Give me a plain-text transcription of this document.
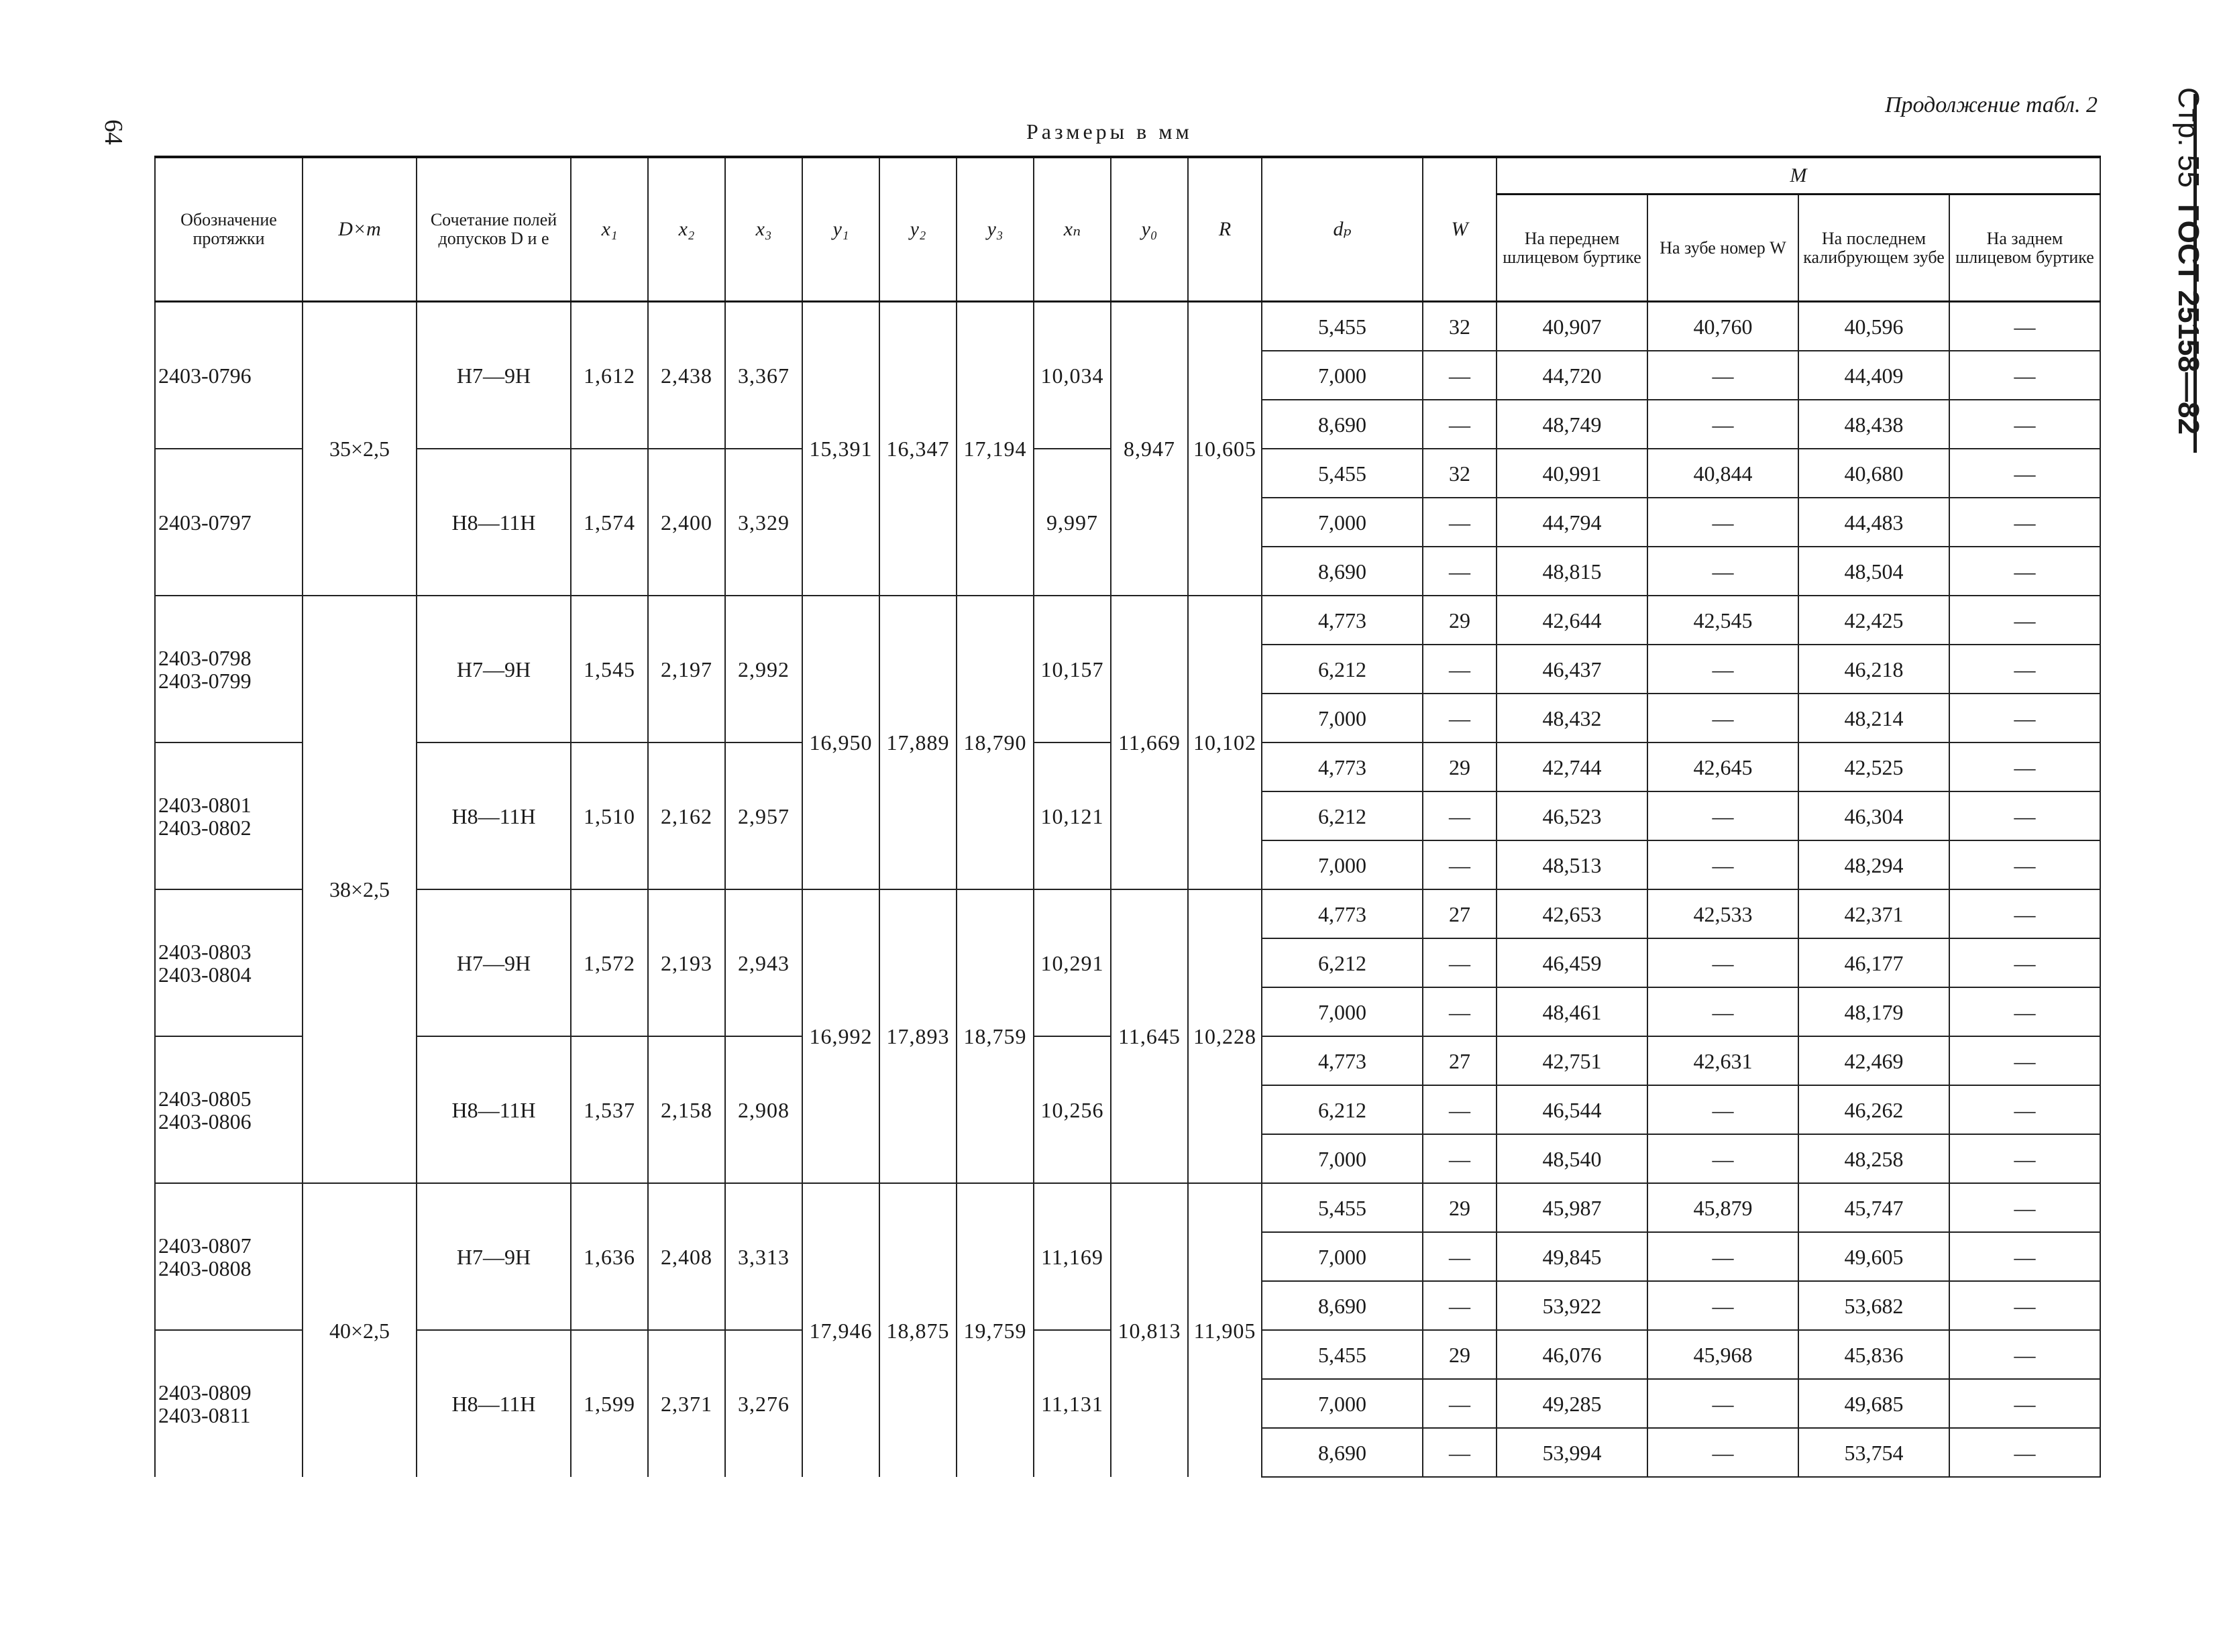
64
Продолжение табл. 2
Размеры в мм	Стр. 55  ГОСТ 25158—82
Обозначение протяжки	D×m	Сочетание полей допусков D и e	x₁	x₂	x₃	y₁	y₂	y₃	xₙ	y₀	R	dₚ	W	M			
														На переднем шлицевом буртике	На зубе номер W	На последнем калибрующем зубе	На заднем шлицевом буртике

2403-0796	35×2,5	H7—9H	1,612	2,438	3,367	15,391	16,347	17,194	10,034	8,947	10,605	5,455	32	40,907	40,760	40,596	—
												7,000	—	44,720	—	44,409	—
												8,690	—	48,749	—	48,438	—

2403-0797		H8—11H	1,574	2,400	3,329				9,997			5,455	32	40,991	40,844	40,680	—
												7,000	—	44,794	—	44,483	—
												8,690	—	48,815	—	48,504	—

2403-0798
2403-0799	38×2,5	H7—9H	1,545	2,197	2,992	16,950	17,889	18,790	10,157	11,669	10,102	4,773	29	42,644	42,545	42,425	—
												6,212	—	46,437	—	46,218	—
												7,000	—	48,432	—	48,214	—

2403-0801
2403-0802		H8—11H	1,510	2,162	2,957				10,121			4,773	29	42,744	42,645	42,525	—
												6,212	—	46,523	—	46,304	—
												7,000	—	48,513	—	48,294	—

2403-0803
2403-0804		H7—9H	1,572	2,193	2,943	16,992	17,893	18,759	10,291	11,645	10,228	4,773	27	42,653	42,533	42,371	—
												6,212	—	46,459	—	46,177	—
												7,000	—	48,461	—	48,179	—

2403-0805
2403-0806		H8—11H	1,537	2,158	2,908				10,256			4,773	27	42,751	42,631	42,469	—
												6,212	—	46,544	—	46,262	—
												7,000	—	48,540	—	48,258	—

2403-0807
2403-0808	40×2,5	H7—9H	1,636	2,408	3,313	17,946	18,875	19,759	11,169	10,813	11,905	5,455	29	45,987	45,879	45,747	—
												7,000	—	49,845	—	49,605	—
												8,690	—	53,922	—	53,682	—

2403-0809
2403-0811		H8—11H	1,599	2,371	3,276				11,131			5,455	29	46,076	45,968	45,836	—
												7,000	—	49,285	—	49,685	—
												8,690	—	53,994	—	53,754	—
